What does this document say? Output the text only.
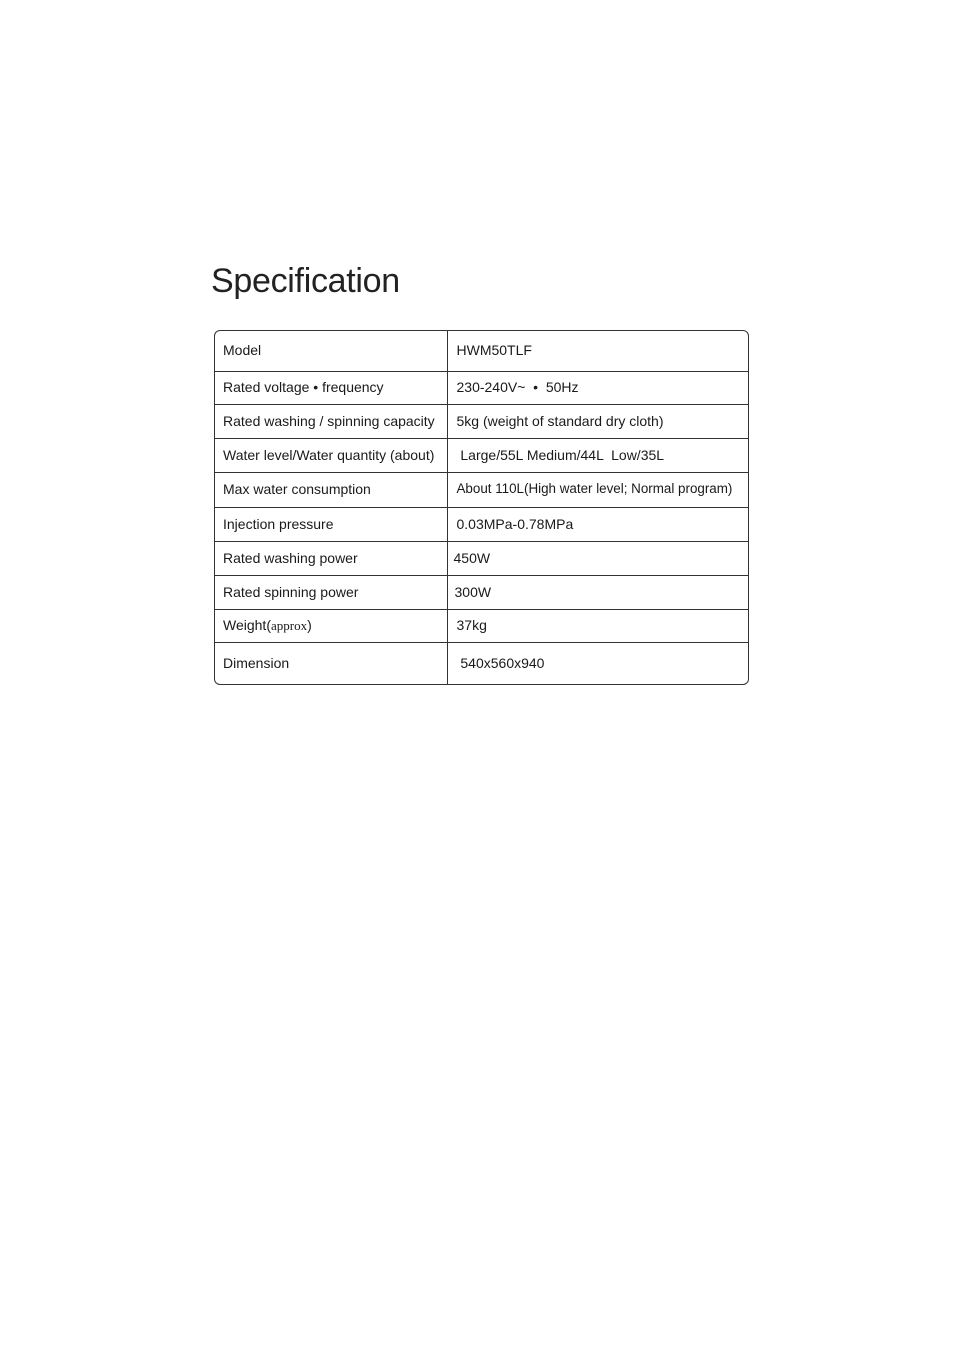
Specification
Model	HWM50TLF
Rated voltage • frequency	230-240V~  •  50Hz
Rated washing / spinning capacity	5kg (weight of standard dry cloth)
Water level/Water quantity (about)	Large/55L Medium/44L  Low/35L
Max water consumption	About 110L(High water level; Normal program)
Injection pressure	0.03MPa-0.78MPa
Rated washing power	450W
Rated spinning power	300W
Weight(approx)	37kg
Dimension	540x560x940
